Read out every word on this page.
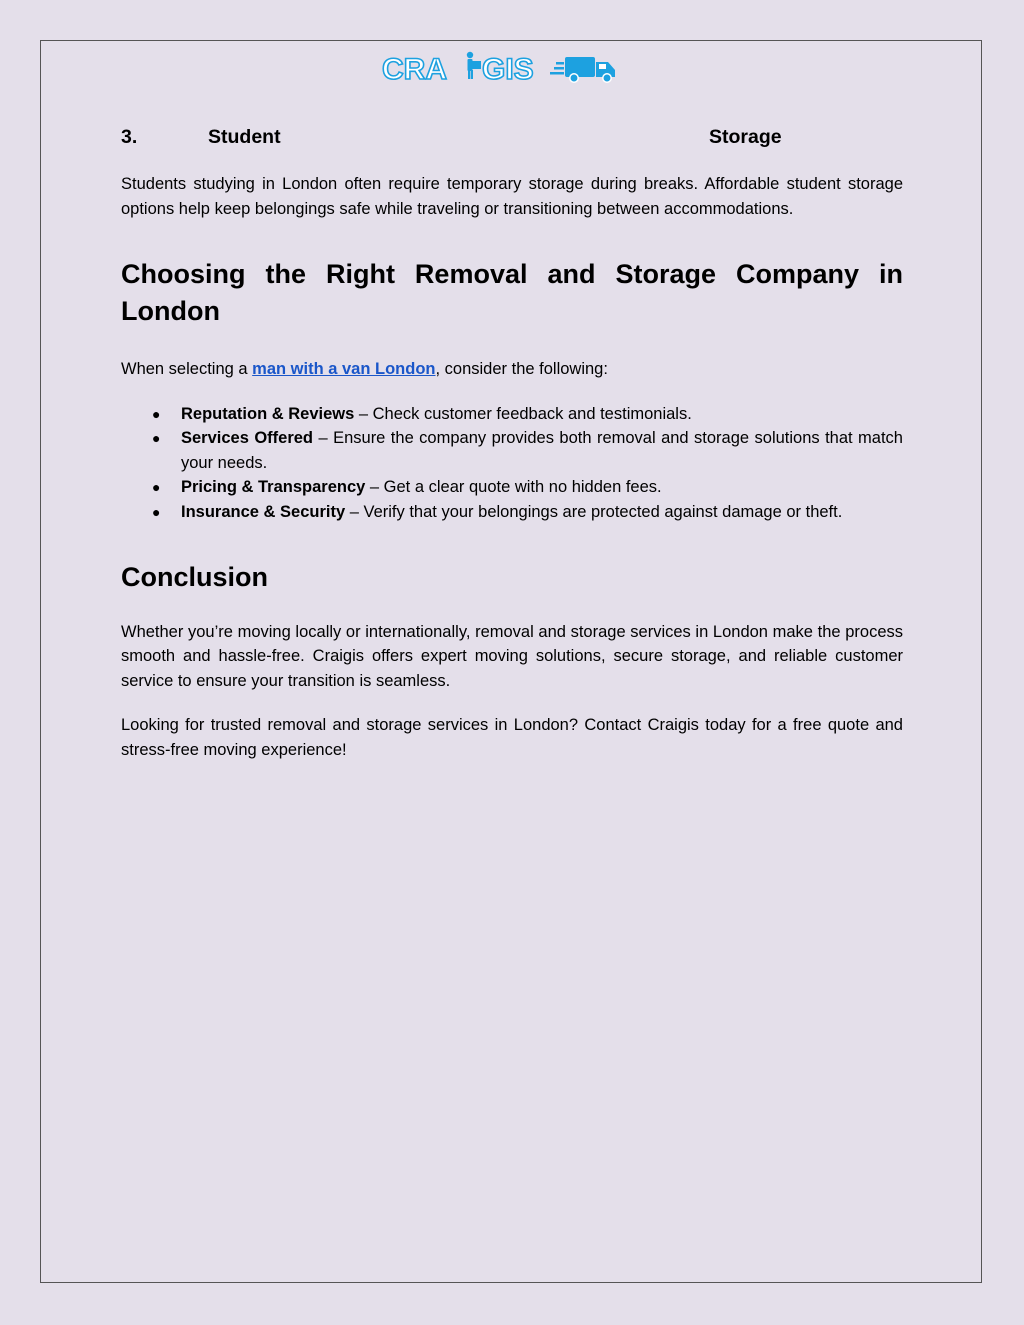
CRA GIS
3.	Student	Storage

Students studying in London often require temporary storage during breaks. Affordable student storage options help keep belongings safe while traveling or transitioning between accommodations.

Choosing the Right Removal and Storage Company in London

When selecting a man with a van London, consider the following:

● Reputation & Reviews – Check customer feedback and testimonials.
● Services Offered – Ensure the company provides both removal and storage solutions that match your needs.
● Pricing & Transparency – Get a clear quote with no hidden fees.
● Insurance & Security – Verify that your belongings are protected against damage or theft.
Conclusion

Whether you’re moving locally or internationally, removal and storage services in London make the process smooth and hassle-free. Craigis offers expert moving solutions, secure storage, and reliable customer service to ensure your transition is seamless.

Looking for trusted removal and storage services in London? Contact Craigis today for a free quote and stress-free moving experience!
